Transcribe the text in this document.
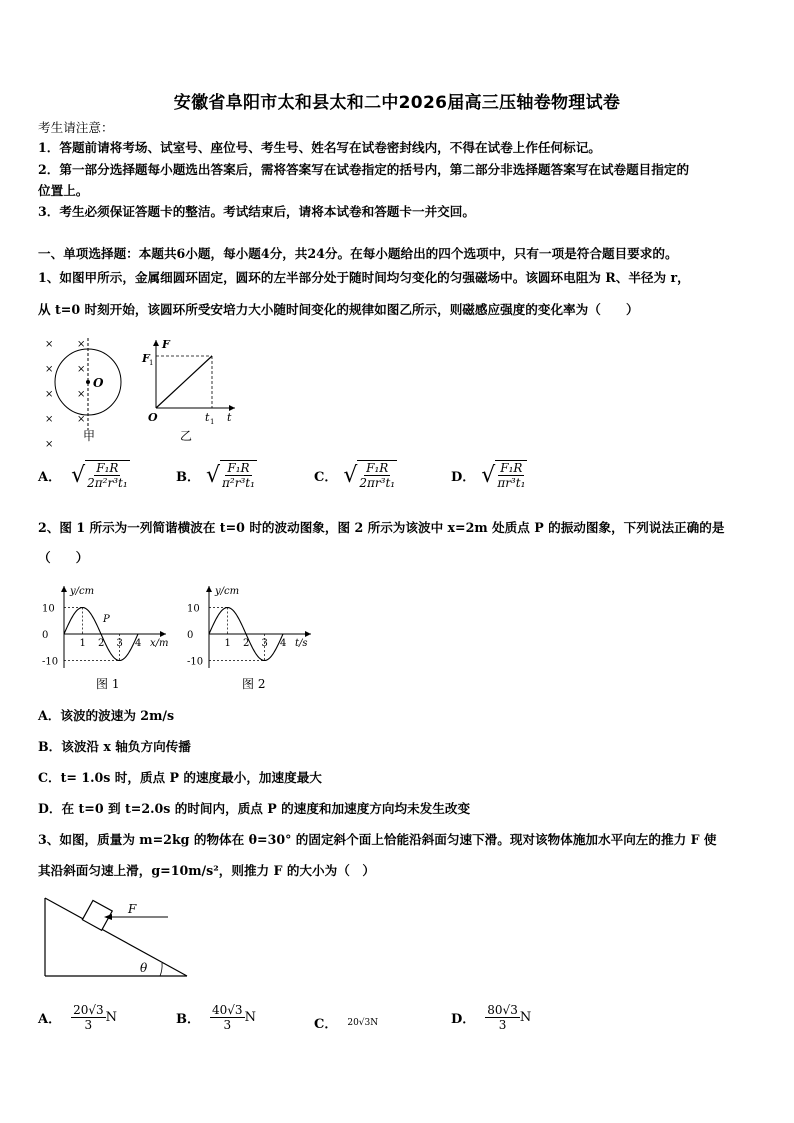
安徽省阜阳市太和县太和二中2026届高三压轴卷物理试卷
考生请注意：
1．答题前请将考场、试室号、座位号、考生号、姓名写在试卷密封线内，不得在试卷上作任何标记。
2．第一部分选择题每小题选出答案后，需将答案写在试卷指定的括号内，第二部分非选择题答案写在试卷题目指定的
位置上。
3．考生必须保证答题卡的整洁。考试结束后，请将本试卷和答题卡一并交回。
一、单项选择题：本题共6小题，每小题4分，共24分。在每小题给出的四个选项中，只有一项是符合题目要求的。
1、如图甲所示，金属细圆环固定，圆环的左半部分处于随时间均匀变化的匀强磁场中。该圆环电阻为 R、半径为 r，
从 t=0 时刻开始，该圆环所受安培力大小随时间变化的规律如图乙所示，则磁感应强度的变化率为（　　）
×
×
×
×
×
×
×
×
×
O
甲
F
F 1
O	t 1 t
乙
A． √ $\frac{\text{F₁R}}{\text{2π²r³t₁}}$	B． √ $\frac{\text{F₁R}}{\text{π²r³t₁}}$	C． √ $\frac{\text{F₁R}}{\text{2πr³t₁}}$	D． √ $\frac{\text{F₁R}}{\text{πr³t₁}}$
2、图 1 所示为一列简谐横波在 t=0 时的波动图象，图 2 所示为该波中 x=2m 处质点 P 的振动图象，下列说法正确的是
（　　）
10
0
-10
1 2 3 4
y/cm
x/m
P
图 1
10
0
-10
1 2 3 4
y/cm
t/s
图 2
A．该波的波速为 2m/s
B．该波沿 x 轴负方向传播
C．t= 1.0s 时，质点 P 的速度最小，加速度最大
D．在 t=0 到 t=2.0s 的时间内，质点 P 的速度和加速度方向均未发生改变
3、如图，质量为 m=2kg 的物体在 θ=30° 的固定斜个面上恰能沿斜面匀速下滑。现对该物体施加水平向左的推力 F 使
其沿斜面匀速上滑，g=10m/s²，则推力 F 的大小为（　）
F
θ
A． $\frac{20√3}{3}$ N	B． $\frac{40√3}{3}$ N	C． 20√3N	D． $\frac{80√3}{3}$ N
